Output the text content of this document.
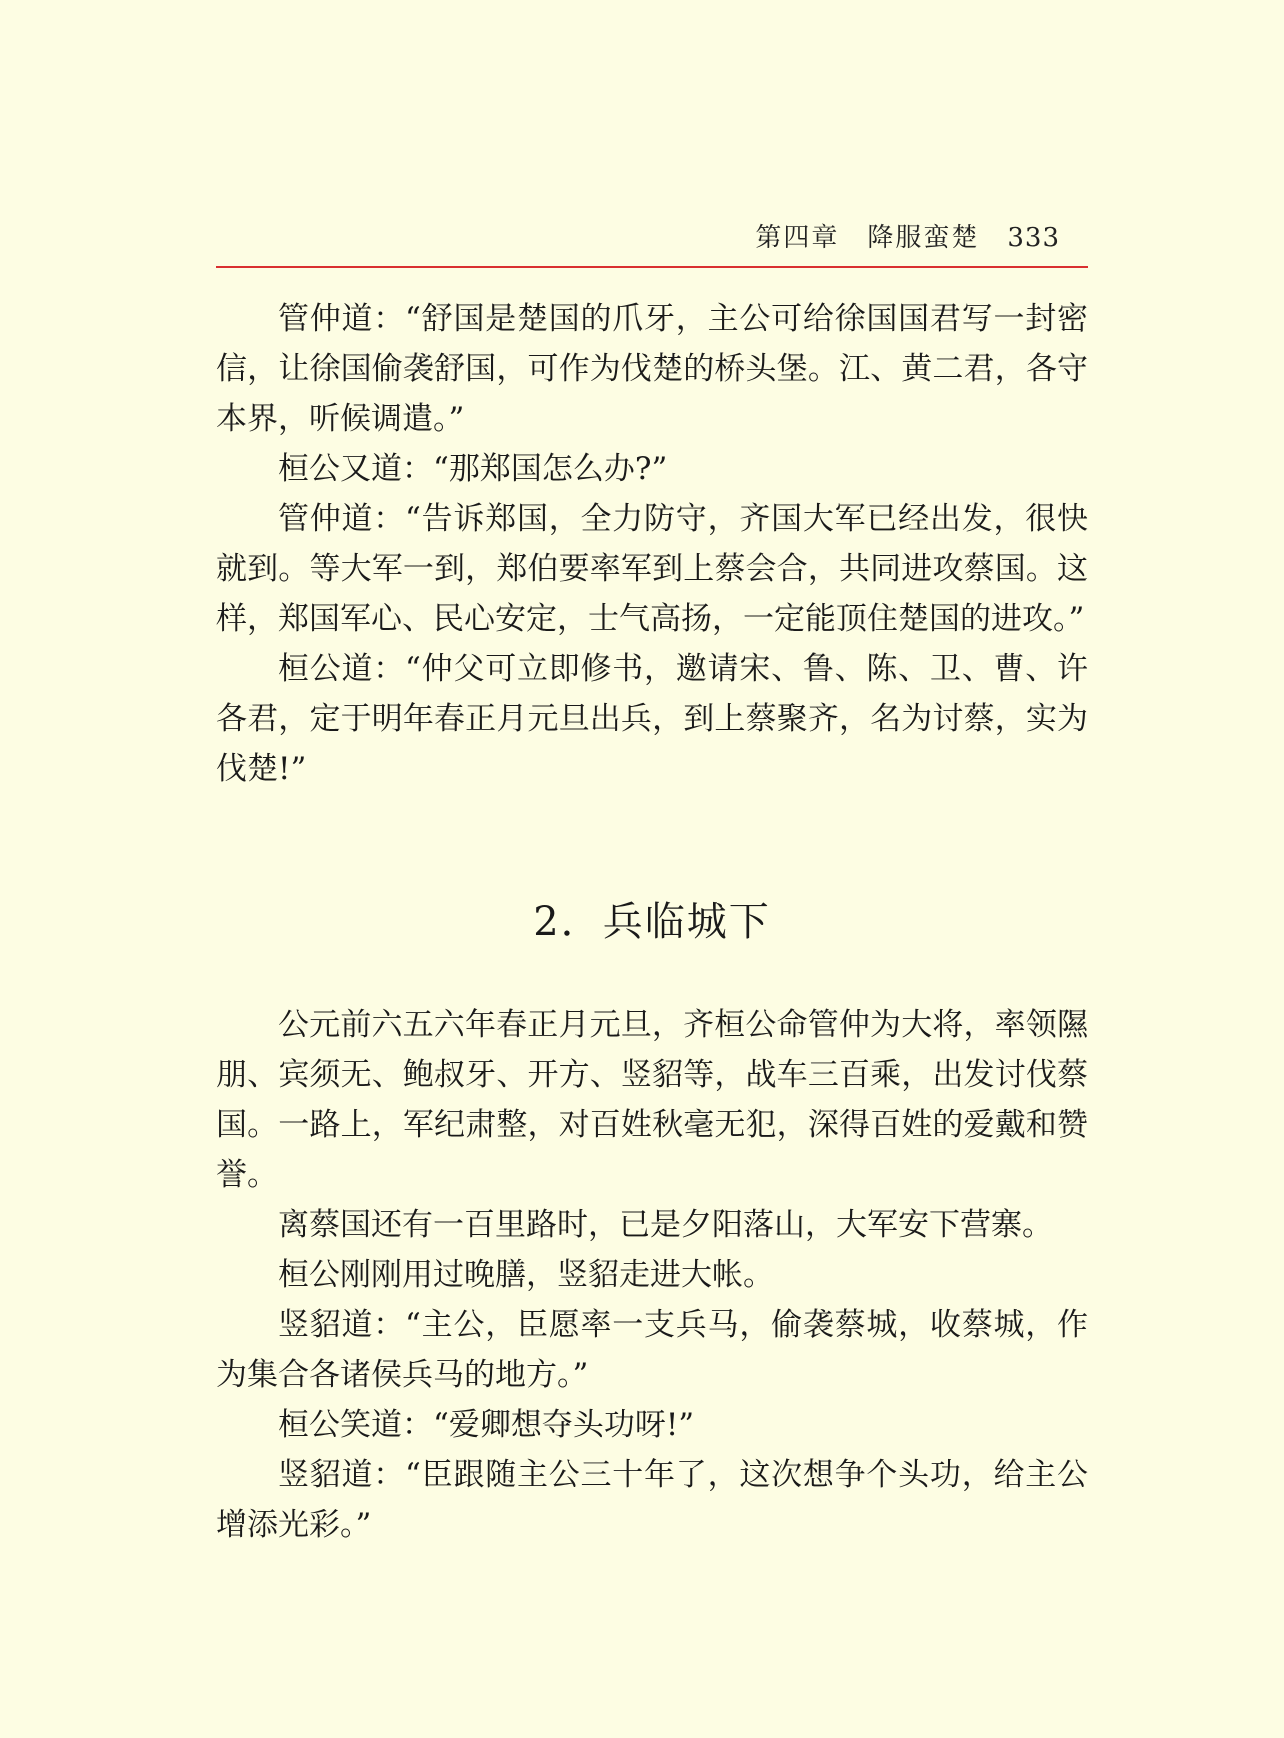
第四章 降服蛮楚 333

管仲道：“舒国是楚国的爪牙，主公可给徐国国君写一封密信，让徐国偷袭舒国，可作为伐楚的桥头堡。江、黄二君，各守本界，听候调遣。”

桓公又道：“那郑国怎么办?”

管仲道：“告诉郑国，全力防守，齐国大军已经出发，很快就到。等大军一到，郑伯要率军到上蔡会合，共同进攻蔡国。这样，郑国军心、民心安定，士气高扬，一定能顶住楚国的进攻。”

桓公道：“仲父可立即修书，邀请宋、鲁、陈、卫、曹、许各君，定于明年春正月元旦出兵，到上蔡聚齐，名为讨蔡，实为伐楚!”

2．兵临城下

公元前六五六年春正月元旦，齐桓公命管仲为大将，率领隰朋、宾须无、鲍叔牙、开方、竖貂等，战车三百乘，出发讨伐蔡国。一路上，军纪肃整，对百姓秋毫无犯，深得百姓的爱戴和赞誉。

离蔡国还有一百里路时，已是夕阳落山，大军安下营寨。

桓公刚刚用过晚膳，竖貂走进大帐。

竖貂道：“主公，臣愿率一支兵马，偷袭蔡城，收蔡城，作为集合各诸侯兵马的地方。”

桓公笑道：“爱卿想夺头功呀!”

竖貂道：“臣跟随主公三十年了，这次想争个头功，给主公增添光彩。”
